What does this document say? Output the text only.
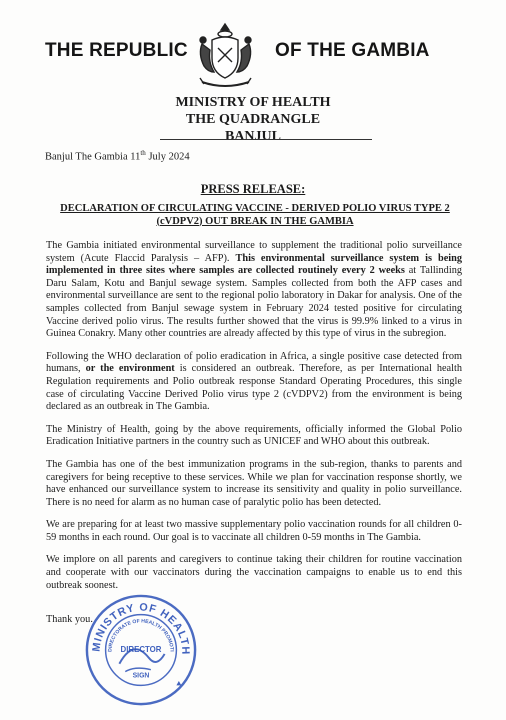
THE REPUBLIC	OF THE GAMBIA
MINISTRY OF HEALTH
THE QUADRANGLE
BANJUL
Banjul The Gambia 11th July 2024
PRESS RELEASE:
DECLARATION OF CIRCULATING VACCINE - DERIVED POLIO VIRUS TYPE 2 (cVDPV2) OUT BREAK IN THE GAMBIA

The Gambia initiated environmental surveillance to supplement the traditional polio surveillance system (Acute Flaccid Paralysis – AFP). This environmental surveillance system is being implemented in three sites where samples are collected routinely every 2 weeks at Tallinding Daru Salam, Kotu and Banjul sewage system. Samples collected from both the AFP cases and environmental surveillance are sent to the regional polio laboratory in Dakar for analysis. One of the samples collected from Banjul sewage system in February 2024 tested positive for circulating Vaccine derived polio virus. The results further showed that the virus is 99.9% linked to a virus in Guinea Conakry. Many other countries are already affected by this type of virus in the subregion.

Following the WHO declaration of polio eradication in Africa, a single positive case detected from humans, or the environment is considered an outbreak. Therefore, as per International health Regulation requirements and Polio outbreak response Standard Operating Procedures, this single case of circulating Vaccine Derived Polio virus type 2 (cVDPV2) from the environment is being declared as an outbreak in The Gambia.

The Ministry of Health, going by the above requirements, officially informed the Global Polio Eradication Initiative partners in the country such as UNICEF and WHO about this outbreak.

The Gambia has one of the best immunization programs in the sub-region, thanks to parents and caregivers for being receptive to these services. While we plan for vaccination response shortly, we have enhanced our surveillance system to increase its sensitivity and quality in polio surveillance. There is no need for alarm as no human case of paralytic polio has been detected.

We are preparing for at least two massive supplementary polio vaccination rounds for all children 0-59 months in each round. Our goal is to vaccinate all children 0-59 months in The Gambia.

We implore on all parents and caregivers to continue taking their children for routine vaccination and cooperate with our vaccinators during the vaccination campaigns to enable us to end this outbreak soonest.

Thank you.
MINISTRY OF HEALTH
DIRECTORATE OF HEALTH PROMOTI
DIRECTOR
SIGN
